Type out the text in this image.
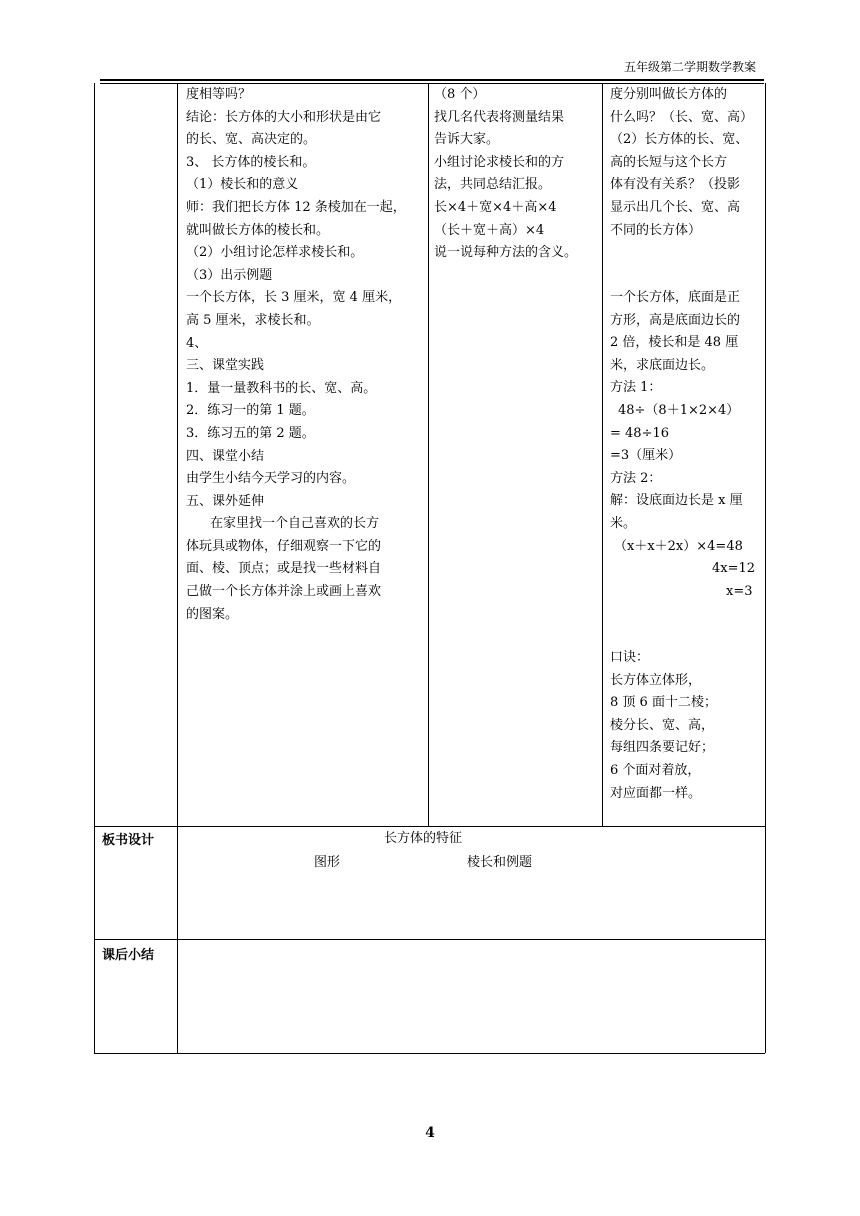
五年级第二学期数学教案
度相等吗？
结论：长方体的大小和形状是由它
的长、宽、高决定的。
3、 长方体的棱长和。
（1）棱长和的意义
师：我们把长方体 12 条棱加在一起，
就叫做长方体的棱长和。
（2）小组讨论怎样求棱长和。
（3）出示例题
一个长方体，长 3 厘米，宽 4 厘米，
高 5 厘米，求棱长和。
4、
三、课堂实践
1．量一量教科书的长、宽、高。
2．练习一的第 1 题。
3．练习五的第 2 题。
四、课堂小结
由学生小结今天学习的内容。
五、课外延伸
在家里找一个自己喜欢的长方
体玩具或物体，仔细观察一下它的
面、棱、顶点；或是找一些材料自
己做一个长方体并涂上或画上喜欢
的图案。
（8 个）
找几名代表将测量结果
告诉大家。
小组讨论求棱长和的方
法，共同总结汇报。
长×4＋宽×4＋高×4
（长＋宽＋高）×4
说一说每种方法的含义。
度分别叫做长方体的
什么吗？（长、宽、高）
（2）长方体的长、宽、
高的长短与这个长方
体有没有关系？（投影
显示出几个长、宽、高
不同的长方体）
一个长方体，底面是正
方形，高是底面边长的
2 倍，棱长和是 48 厘
米，求底面边长。
方法 1：
48÷（8＋1×2×4）
= 48÷16
=3（厘米）
方法 2：
解：设底面边长是 x 厘
米。
（x＋x＋2x）×4=48
4x=12
x=3
口诀：
长方体立体形，
8 顶 6 面十二棱；
棱分长、宽、高，
每组四条要记好；
6 个面对着放，
对应面都一样。
板书设计	长方体的特征
图形	棱长和例题
课后小结
4
